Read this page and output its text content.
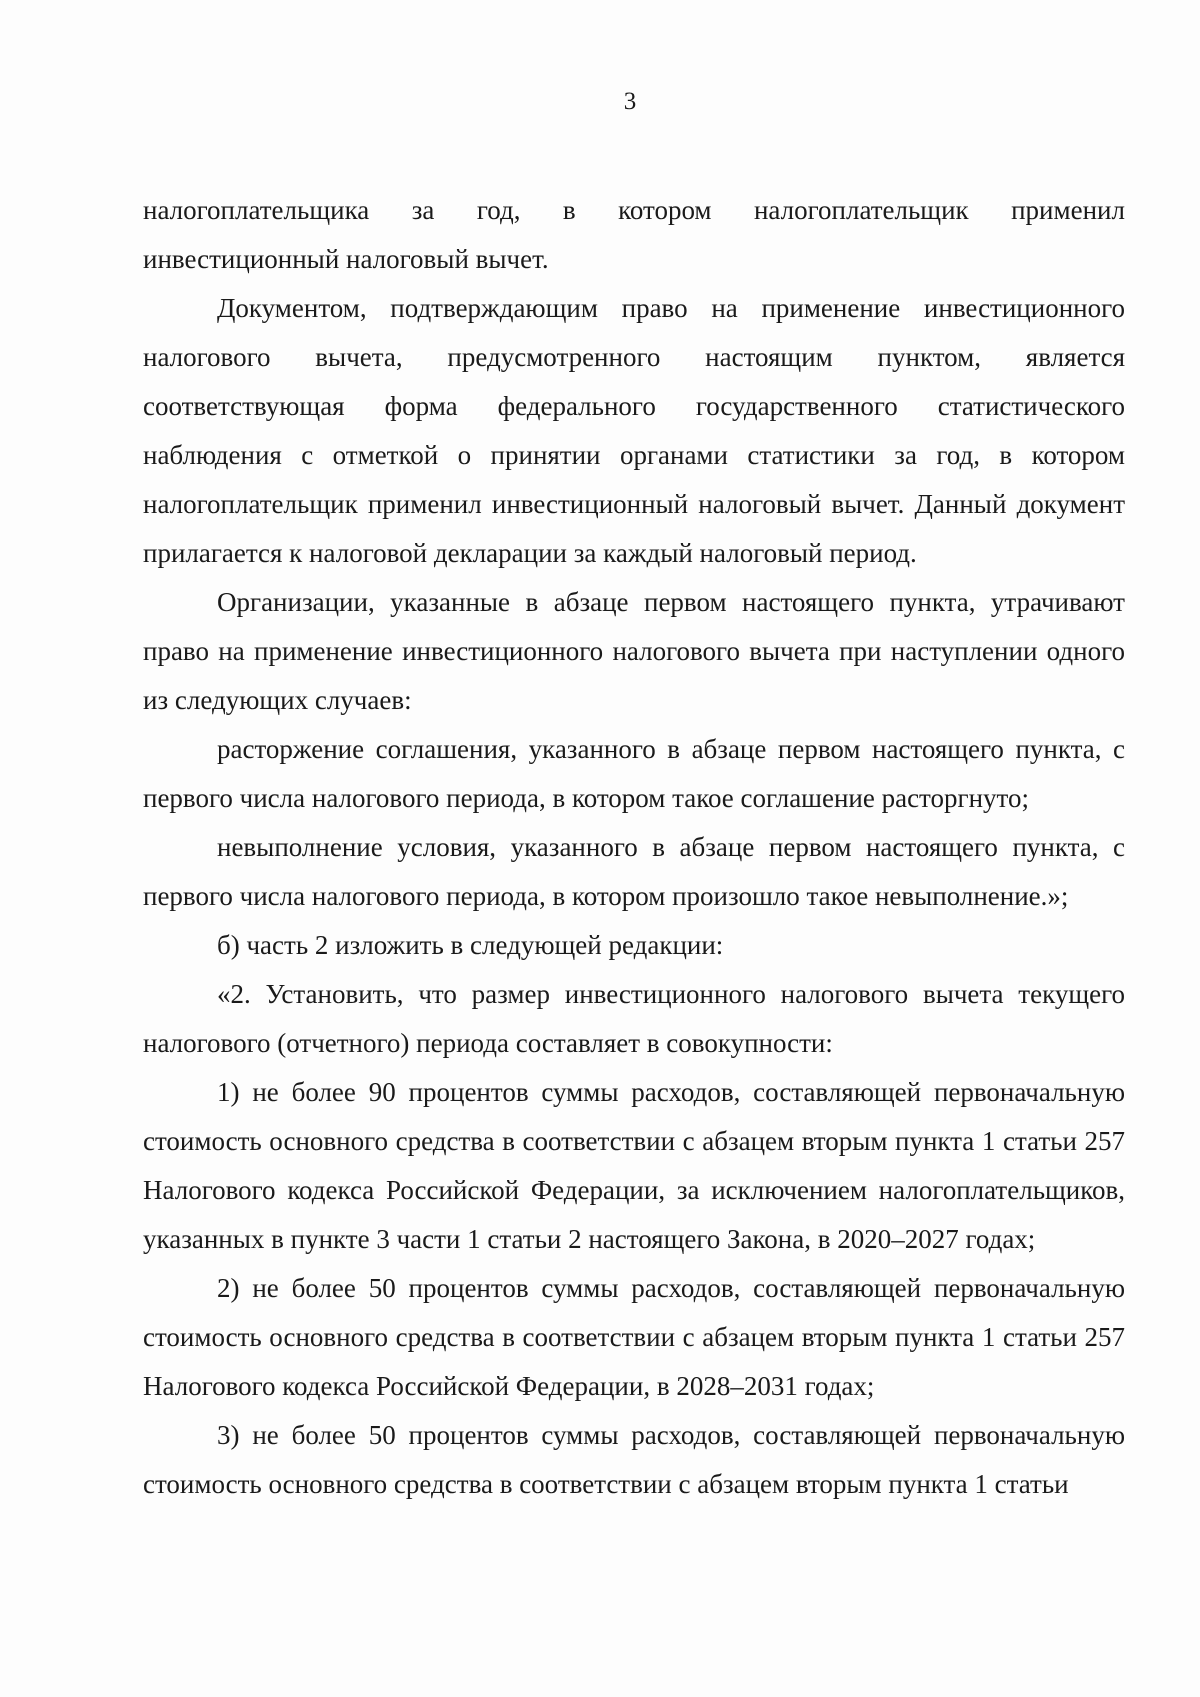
3

налогоплательщика за год, в котором налогоплательщик применил
инвестиционный налоговый вычет.

Документом, подтверждающим право на применение инвестиционного налогового вычета, предусмотренного настоящим пунктом, является соответствующая форма федерального государственного статистического наблюдения с отметкой о принятии органами статистики за год, в котором налогоплательщик применил инвестиционный налоговый вычет. Данный документ прилагается к налоговой декларации за каждый налоговый период.

Организации, указанные в абзаце первом настоящего пункта, утрачивают право на применение инвестиционного налогового вычета при наступлении одного из следующих случаев:

расторжение соглашения, указанного в абзаце первом настоящего пункта, с первого числа налогового периода, в котором такое соглашение расторгнуто;

невыполнение условия, указанного в абзаце первом настоящего пункта, с первого числа налогового периода, в котором произошло такое невыполнение.»;

б) часть 2 изложить в следующей редакции:

«2. Установить, что размер инвестиционного налогового вычета текущего налогового (отчетного) периода составляет в совокупности:

1) не более 90 процентов суммы расходов, составляющей первоначальную стоимость основного средства в соответствии с абзацем вторым пункта 1 статьи 257 Налогового кодекса Российской Федерации, за исключением налогоплательщиков, указанных в пункте 3 части 1 статьи 2 настоящего Закона, в 2020–2027 годах;

2) не более 50 процентов суммы расходов, составляющей первоначальную стоимость основного средства в соответствии с абзацем вторым пункта 1 статьи 257 Налогового кодекса Российской Федерации, в 2028–2031 годах;

3) не более 50 процентов суммы расходов, составляющей первоначальную стоимость основного средства в соответствии с абзацем вторым пункта 1 статьи
